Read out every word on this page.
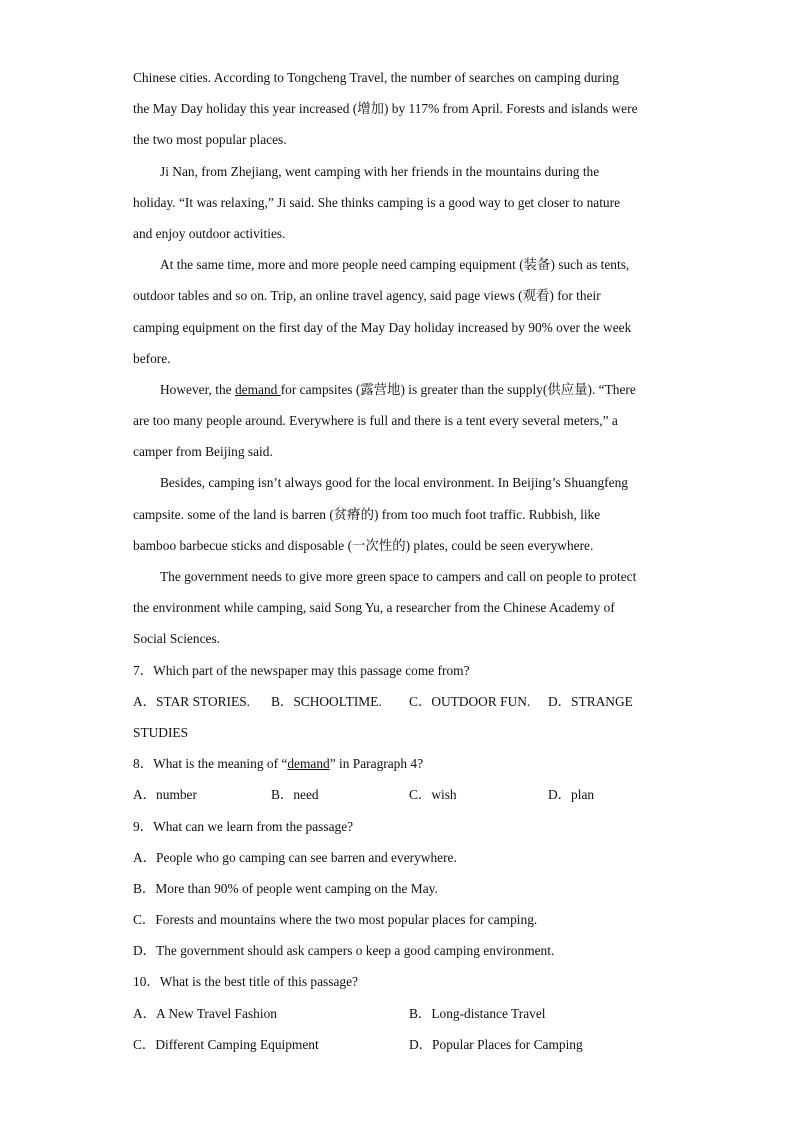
Chinese cities. According to Tongcheng Travel, the number of searches on camping during
the May Day holiday this year increased (增加) by 117% from April. Forests and islands were
the two most popular places.
Ji Nan, from Zhejiang, went camping with her friends in the mountains during the
holiday. “It was relaxing,” Ji said. She thinks camping is a good way to get closer to nature
and enjoy outdoor activities.
At the same time, more and more people need camping equipment (装备) such as tents,
outdoor tables and so on. Trip, an online travel agency, said page views (观看) for their
camping equipment on the first day of the May Day holiday increased by 90% over the week
before.
However, the demand for campsites (露营地) is greater than the supply(供应量). “There
are too many people around. Everywhere is full and there is a tent every several meters,” a
camper from Beijing said.
Besides, camping isn’t always good for the local environment. In Beijing’s Shuangfeng
campsite. some of the land is barren (贫瘠的) from too much foot traffic. Rubbish, like
bamboo barbecue sticks and disposable (一次性的) plates, could be seen everywhere.
The government needs to give more green space to campers and call on people to protect
the environment while camping, said Song Yu, a researcher from the Chinese Academy of
Social Sciences.
7．Which part of the newspaper may this passage come from?
A．STAR STORIES. B．SCHOOLTIME. C．OUTDOOR FUN. D．STRANGE
STUDIES
8．What is the meaning of “demand” in Paragraph 4?
A．number	B．need	C．wish	D．plan
9．What can we learn from the passage?
A．People who go camping can see barren and everywhere.
B．More than 90% of people went camping on the May.
C．Forests and mountains where the two most popular places for camping.
D．The government should ask campers o keep a good camping environment.
10．What is the best title of this passage?
A．A New Travel Fashion	B．Long-distance Travel
C．Different Camping Equipment	D．Popular Places for Camping
